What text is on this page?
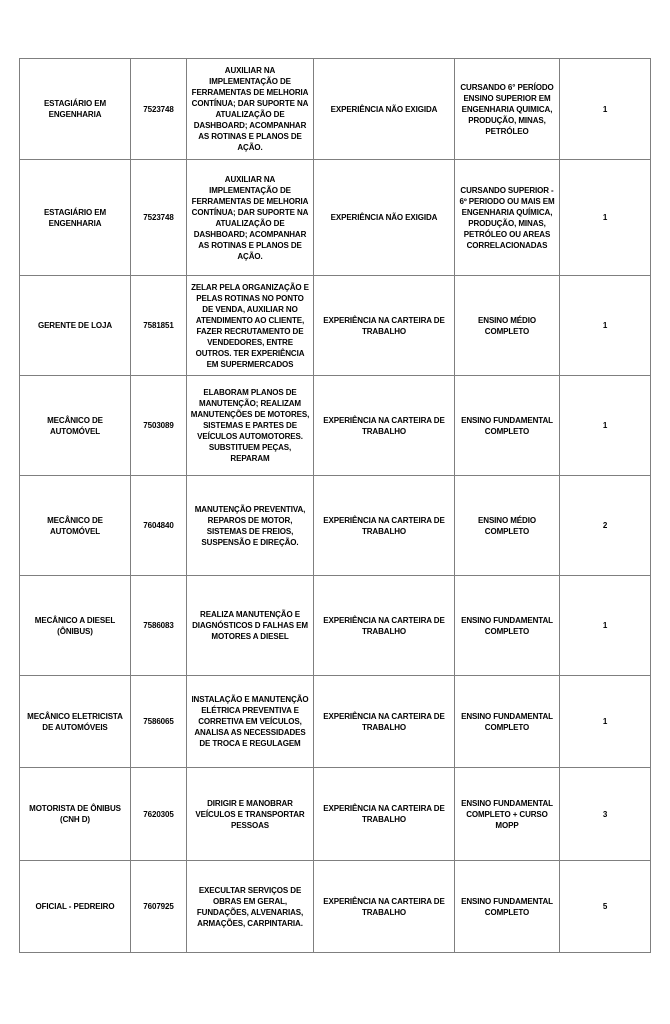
ESTAGIÁRIO EM ENGENHARIA	7523748	AUXILIAR NA IMPLEMENTAÇÃO DE FERRAMENTAS DE MELHORIA CONTÍNUA; DAR SUPORTE NA ATUALIZAÇÃO DE DASHBOARD; ACOMPANHAR AS ROTINAS E PLANOS DE AÇÃO.	EXPERIÊNCIA NÃO EXIGIDA	CURSANDO 6° PERÍODO ENSINO SUPERIOR EM ENGENHARIA QUIMICA, PRODUÇÃO, MINAS, PETRÓLEO	1
ESTAGIÁRIO EM ENGENHARIA	7523748	AUXILIAR NA IMPLEMENTAÇÃO DE FERRAMENTAS DE MELHORIA CONTÍNUA; DAR SUPORTE NA ATUALIZAÇÃO DE DASHBOARD; ACOMPANHAR AS ROTINAS E PLANOS DE AÇÃO.	EXPERIÊNCIA NÃO EXIGIDA	CURSANDO SUPERIOR - 6º PERIODO OU MAIS EM ENGENHARIA QUÍMICA, PRODUÇÃO, MINAS, PETRÓLEO OU AREAS CORRELACIONADAS	1
GERENTE DE LOJA	7581851	ZELAR PELA ORGANIZAÇÃO E PELAS ROTINAS NO PONTO DE VENDA, AUXILIAR NO ATENDIMENTO AO CLIENTE, FAZER RECRUTAMENTO DE VENDEDORES, ENTRE OUTROS. TER EXPERIÊNCIA EM SUPERMERCADOS	EXPERIÊNCIA NA CARTEIRA DE TRABALHO	ENSINO MÉDIO COMPLETO	1
MECÂNICO DE AUTOMÓVEL	7503089	ELABORAM PLANOS DE MANUTENÇÃO; REALIZAM MANUTENÇÕES DE MOTORES, SISTEMAS E PARTES DE VEÍCULOS AUTOMOTORES. SUBSTITUEM PEÇAS, REPARAM	EXPERIÊNCIA NA CARTEIRA DE TRABALHO	ENSINO FUNDAMENTAL COMPLETO	1
MECÂNICO DE AUTOMÓVEL	7604840	MANUTENÇÃO PREVENTIVA, REPAROS DE MOTOR, SISTEMAS DE FREIOS, SUSPENSÃO E DIREÇÃO.	EXPERIÊNCIA NA CARTEIRA DE TRABALHO	ENSINO MÉDIO COMPLETO	2
MECÂNICO A DIESEL (ÔNIBUS)	7586083	REALIZA MANUTENÇÃO E DIAGNÓSTICOS D FALHAS EM MOTORES A DIESEL	EXPERIÊNCIA NA CARTEIRA DE TRABALHO	ENSINO FUNDAMENTAL COMPLETO	1
MECÂNICO ELETRICISTA DE AUTOMÓVEIS	7586065	INSTALAÇÃO E MANUTENÇÃO ELÉTRICA PREVENTIVA E CORRETIVA EM VEÍCULOS, ANALISA AS NECESSIDADES DE TROCA E REGULAGEM	EXPERIÊNCIA NA CARTEIRA DE TRABALHO	ENSINO FUNDAMENTAL COMPLETO	1
MOTORISTA DE ÔNIBUS (CNH D)	7620305	DIRIGIR E MANOBRAR VEÍCULOS E TRANSPORTAR PESSOAS	EXPERIÊNCIA NA CARTEIRA DE TRABALHO	ENSINO FUNDAMENTAL COMPLETO + CURSO MOPP	3
OFICIAL - PEDREIRO	7607925	EXECULTAR SERVIÇOS DE OBRAS EM GERAL, FUNDAÇÕES, ALVENARIAS, ARMAÇÕES, CARPINTARIA.	EXPERIÊNCIA NA CARTEIRA DE TRABALHO	ENSINO FUNDAMENTAL COMPLETO	5
